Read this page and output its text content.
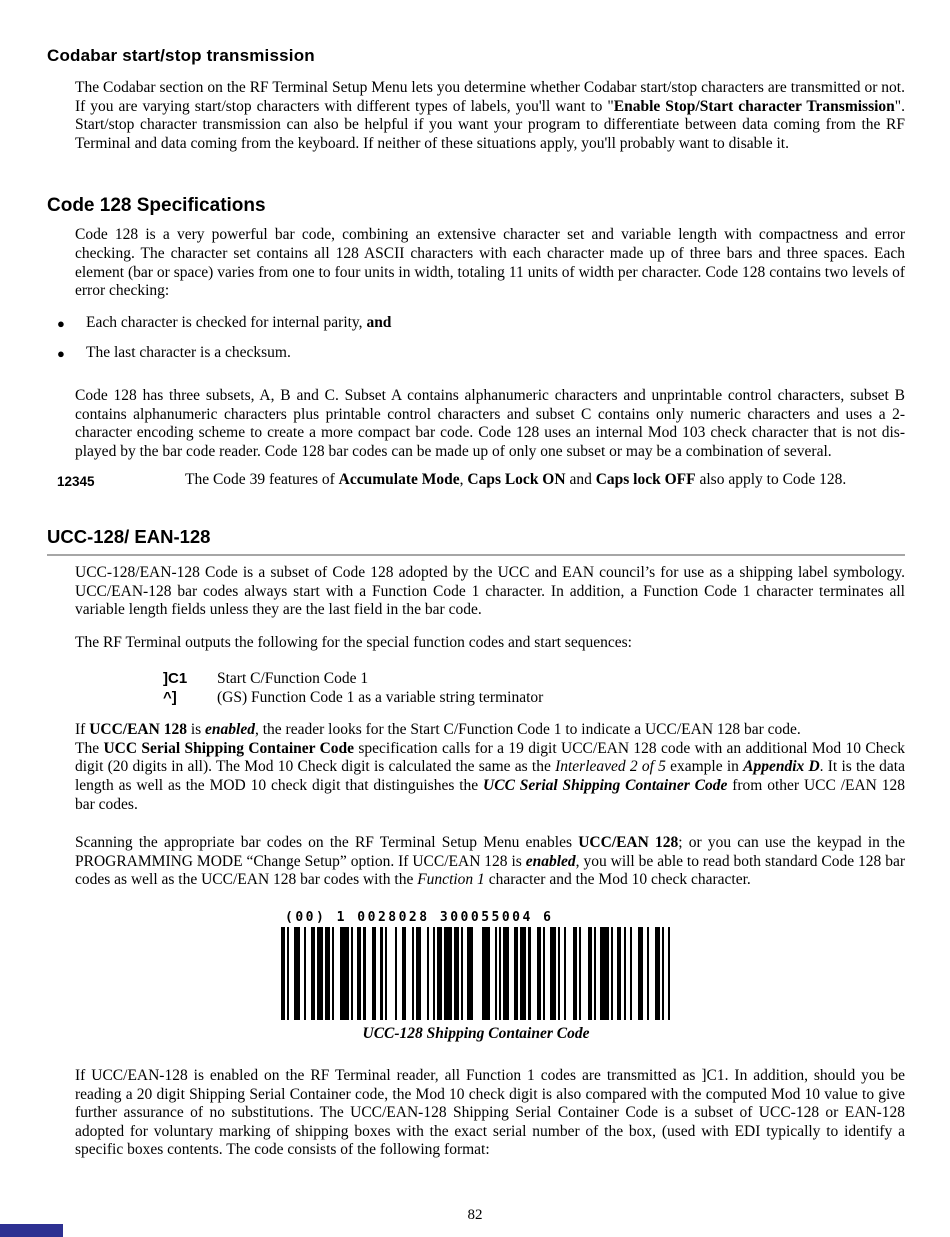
Codabar start/stop transmission

The Codabar section on the RF Terminal Setup Menu lets you determine whether Codabar start/stop characters are transmitted or not. If you are varying start/stop characters with different types of labels, you'll want to "Enable Stop/Start character Transmission". Start/stop character transmission can also be helpful if you want your program to differentiate between data coming from the RF Terminal and data coming from the keyboard. If neither of these situations apply, you'll probably want to disable it.

Code 128 Specifications

Code 128 is a very powerful bar code, combining an extensive character set and variable length with compactness and error checking. The character set contains all 128 ASCII characters with each character made up of three bars and three spaces. Each element (bar or space) varies from one to four units in width, totaling 11 units of width per character. Code 128 contains two levels of error checking:

●	Each character is checked for internal parity, and
●	The last character is a checksum.

Code 128 has three subsets, A, B and C. Subset A contains alphanumeric characters and unprintable control characters, subset B contains alphanumeric characters plus printable control characters and subset C contains only numeric characters and uses a 2-character encoding scheme to create a more compact bar code. Code 128 uses an internal Mod 103 check character that is not displayed by the bar code reader. Code 128 bar codes can be made up of only one subset or may be a combination of several.

12345	The Code 39 features of Accumulate Mode, Caps Lock ON and Caps lock OFF also apply to Code 128.
UCC-128/ EAN-128

UCC-128/EAN-128 Code is a subset of Code 128 adopted by the UCC and EAN council’s for use as a shipping label symbology. UCC/EAN-128 bar codes always start with a Function Code 1 character. In addition, a Function Code 1 character terminates all variable length fields unless they are the last field in the bar code.

The RF Terminal outputs the following for the special function codes and start sequences:

]C1	Start C/Function Code 1
^]	(GS) Function Code 1 as a variable string terminator
If UCC/EAN 128 is enabled, the reader looks for the Start C/Function Code 1 to indicate a UCC/EAN 128 bar code.
The UCC Serial Shipping Container Code specification calls for a 19 digit UCC/EAN 128 code with an additional Mod 10 Check digit (20 digits in all). The Mod 10 Check digit is calculated the same as the Interleaved 2 of 5 example in Appendix D. It is the data length as well as the MOD 10 check digit that distinguishes the UCC Serial Shipping Container Code from other UCC /EAN 128 bar codes.

Scanning the appropriate bar codes on the RF Terminal Setup Menu enables UCC/EAN 128; or you can use the keypad in the PROGRAMMING MODE “Change Setup” option. If UCC/EAN 128 is enabled, you will be able to read both standard Code 128 bar codes as well as the UCC/EAN 128 bar codes with the Function 1 character and the Mod 10 check character.

(00) 1 0028028 300055004 6
UCC-128 Shipping Container Code

If UCC/EAN-128 is enabled on the RF Terminal reader, all Function 1 codes are transmitted as ]C1. In addition, should you be reading a 20 digit Shipping Serial Container code, the Mod 10 check digit is also compared with the computed Mod 10 value to give further assurance of no substitutions. The UCC/EAN-128 Shipping Serial Container Code is a subset of UCC-128 or EAN-128 adopted for voluntary marking of shipping boxes with the exact serial number of the box, (used with EDI typically to identify a specific boxes contents. The code consists of the following format:

82
